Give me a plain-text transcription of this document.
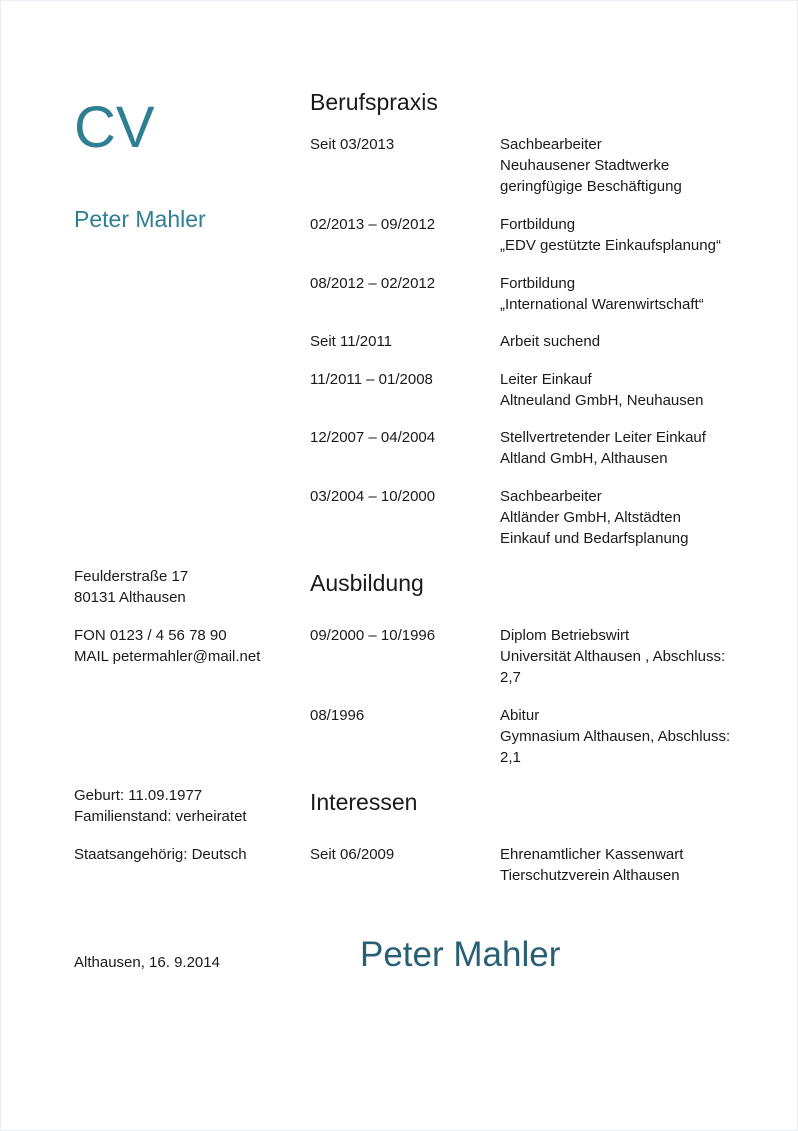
CV
Peter Mahler
Feulderstraße 17
80131 Althausen
FON 0123 / 4 56 78 90
MAIL petermahler@mail.net
Geburt: 11.09.1977
Familienstand: verheiratet
Staatsangehörig: Deutsch
Berufspraxis
Seit 03/2013	Sachbearbeiter
Neuhausener Stadtwerke
geringfügige Beschäftigung
02/2013 – 09/2012	Fortbildung
„EDV gestützte Einkaufsplanung“
08/2012 – 02/2012	Fortbildung
„International Warenwirtschaft“
Seit 11/2011	Arbeit suchend
11/2011 – 01/2008	Leiter Einkauf
Altneuland GmbH, Neuhausen
12/2007 – 04/2004	Stellvertretender Leiter Einkauf
Altland GmbH, Althausen
03/2004 – 10/2000	Sachbearbeiter
Altländer GmbH, Altstädten
Einkauf und Bedarfsplanung
Ausbildung
09/2000 – 10/1996	Diplom Betriebswirt
Universität Althausen , Abschluss:
2,7
08/1996	Abitur
Gymnasium Althausen, Abschluss:
2,1
Interessen
Seit 06/2009	Ehrenamtlicher Kassenwart
Tierschutzverein Althausen
Althausen, 16. 9.2014	Peter Mahler
